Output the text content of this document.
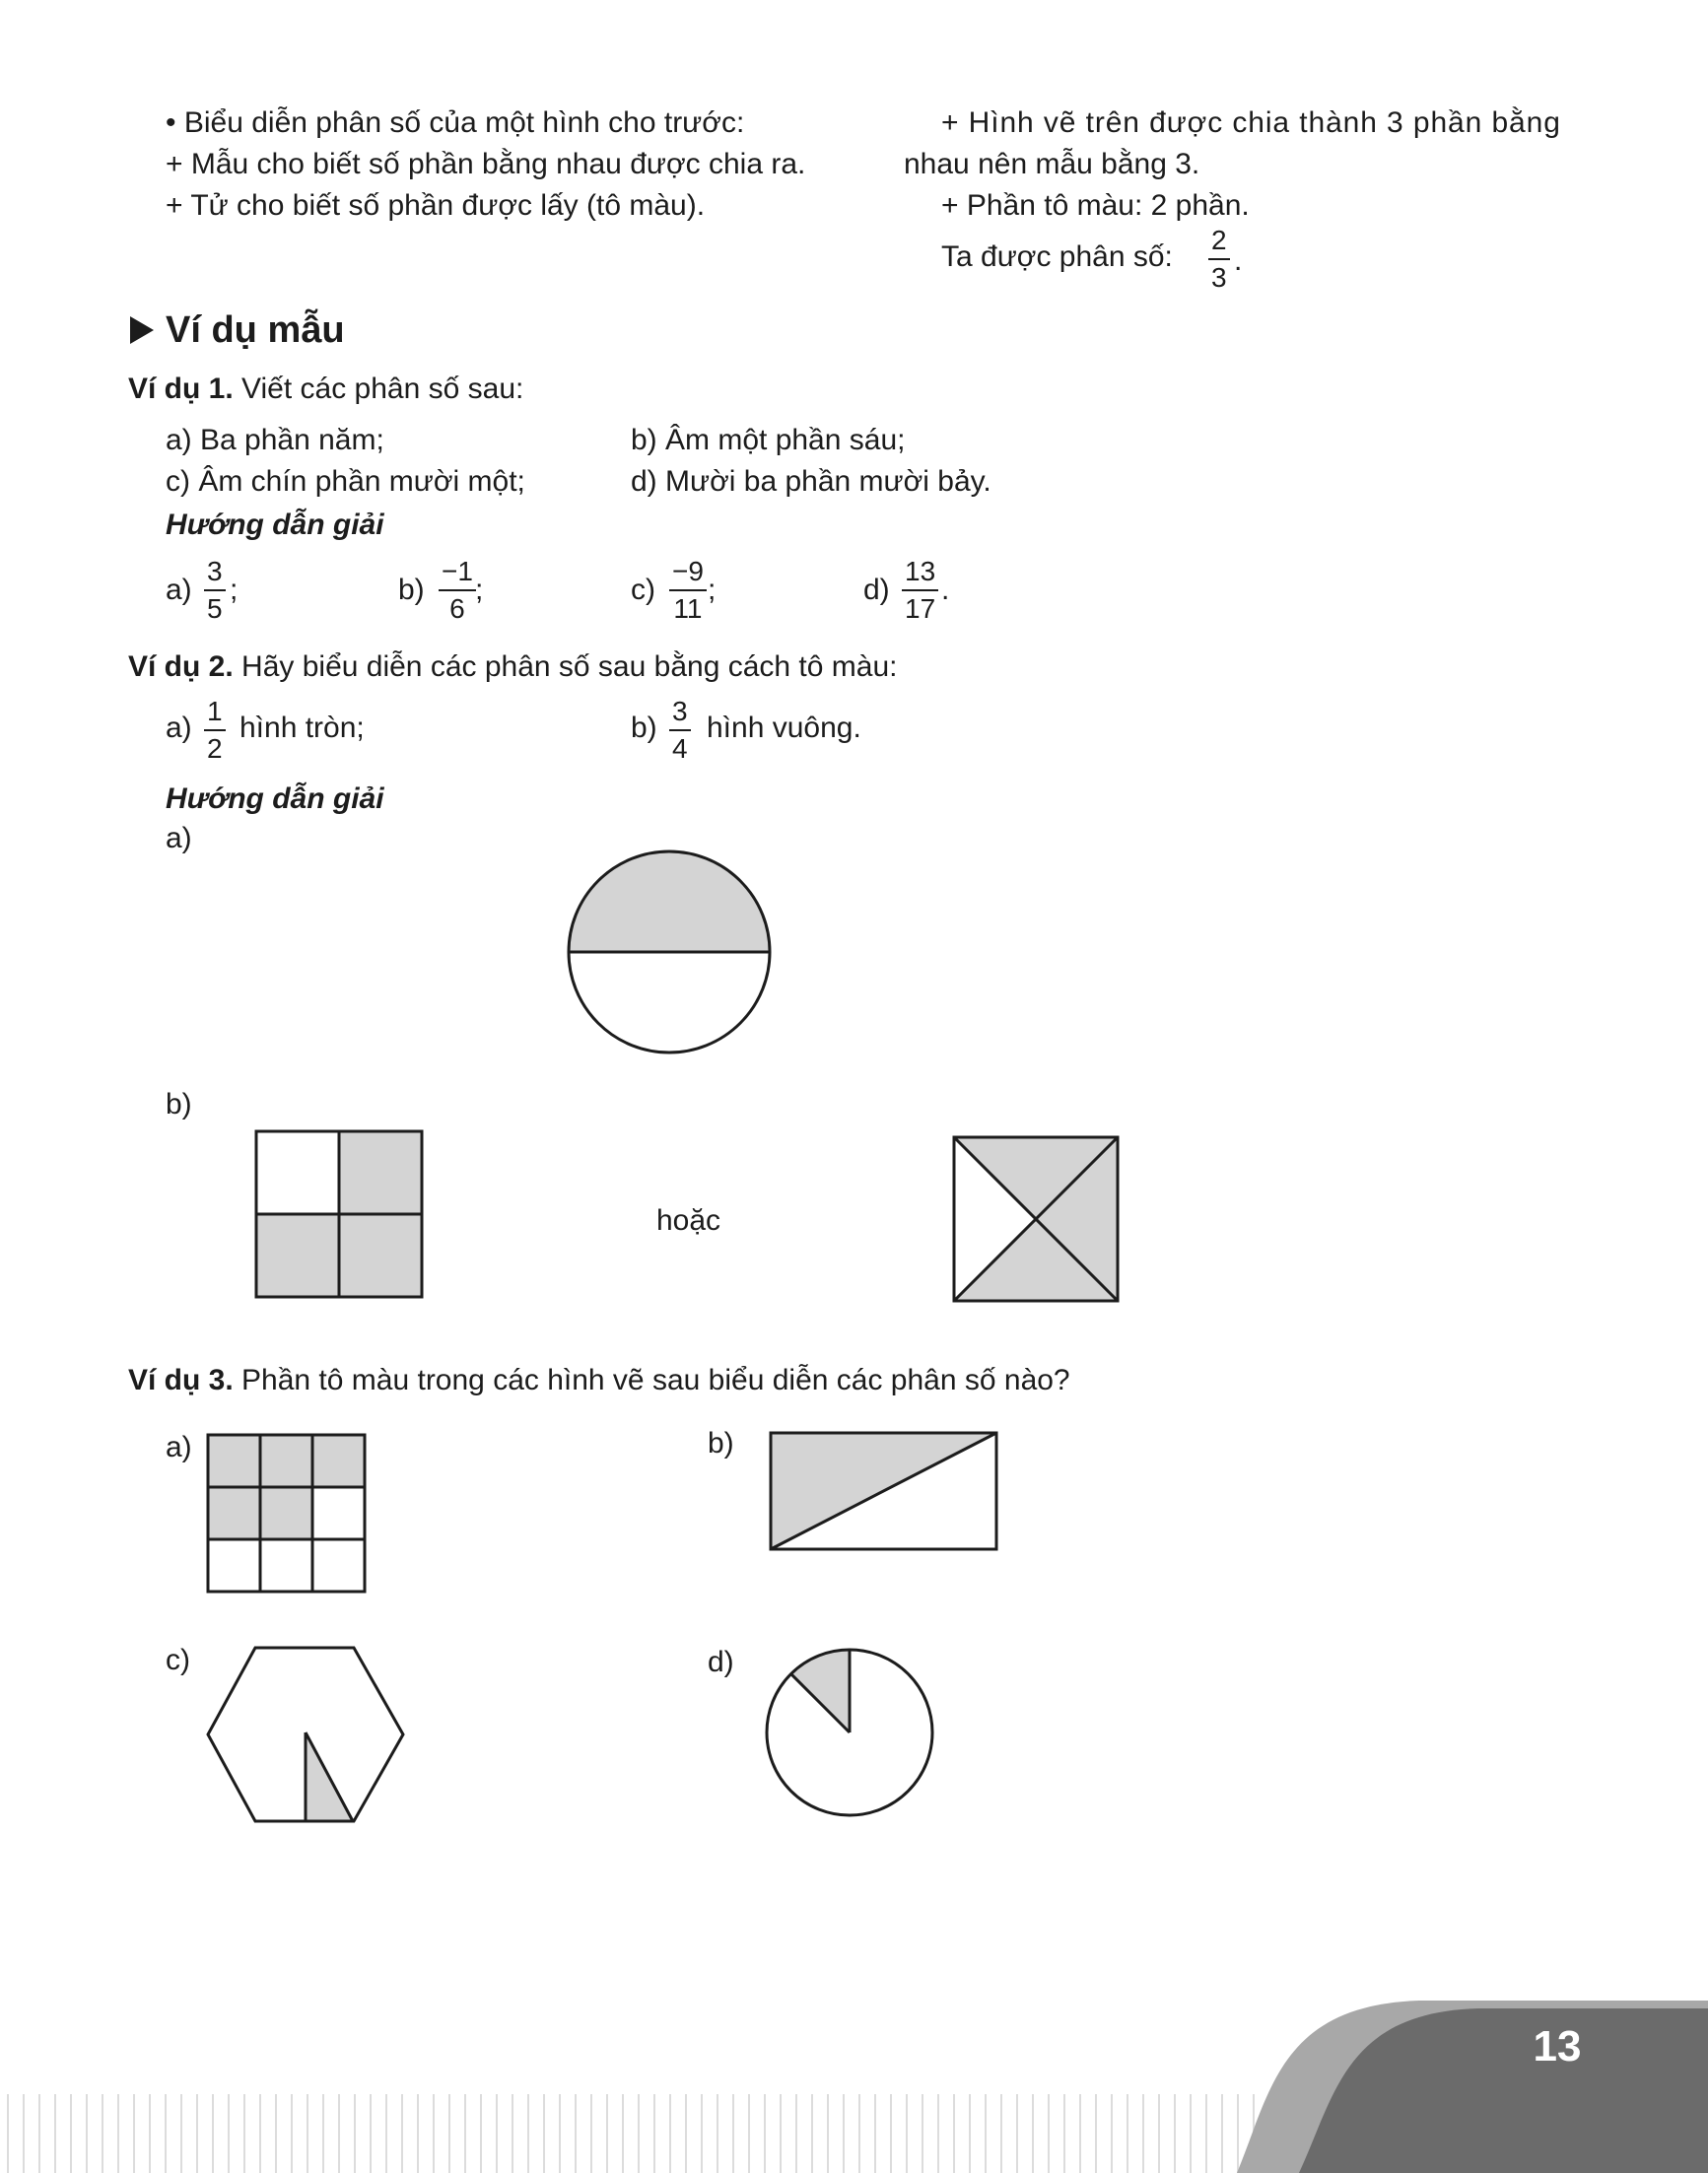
• Biểu diễn phân số của một hình cho trước:
+ Mẫu cho biết số phần bằng nhau được chia ra.
+ Tử cho biết số phần được lấy (tô màu).
+ Hình vẽ trên được chia thành 3 phần bằng
nhau nên mẫu bằng 3.
+ Phần tô màu: 2 phần.
Ta được phân số:
2
3
.
Ví dụ mẫu
Ví dụ 1. Viết các phân số sau:
a) Ba phần năm;	b) Âm một phần sáu;
c) Âm chín phần mười một;	d) Mười ba phần mười bảy.
Hướng dẫn giải
a)
3
5
;	b)
−1
6
;	c)
−9
11
;	d)
13
17
.
Ví dụ 2. Hãy biểu diễn các phân số sau bằng cách tô màu:
a)
1
2
hình tròn;	b)
3
4
hình vuông.
Hướng dẫn giải
a)
b)
hoặc
Ví dụ 3. Phần tô màu trong các hình vẽ sau biểu diễn các phân số nào?
a)	b)
c)	d)
13
